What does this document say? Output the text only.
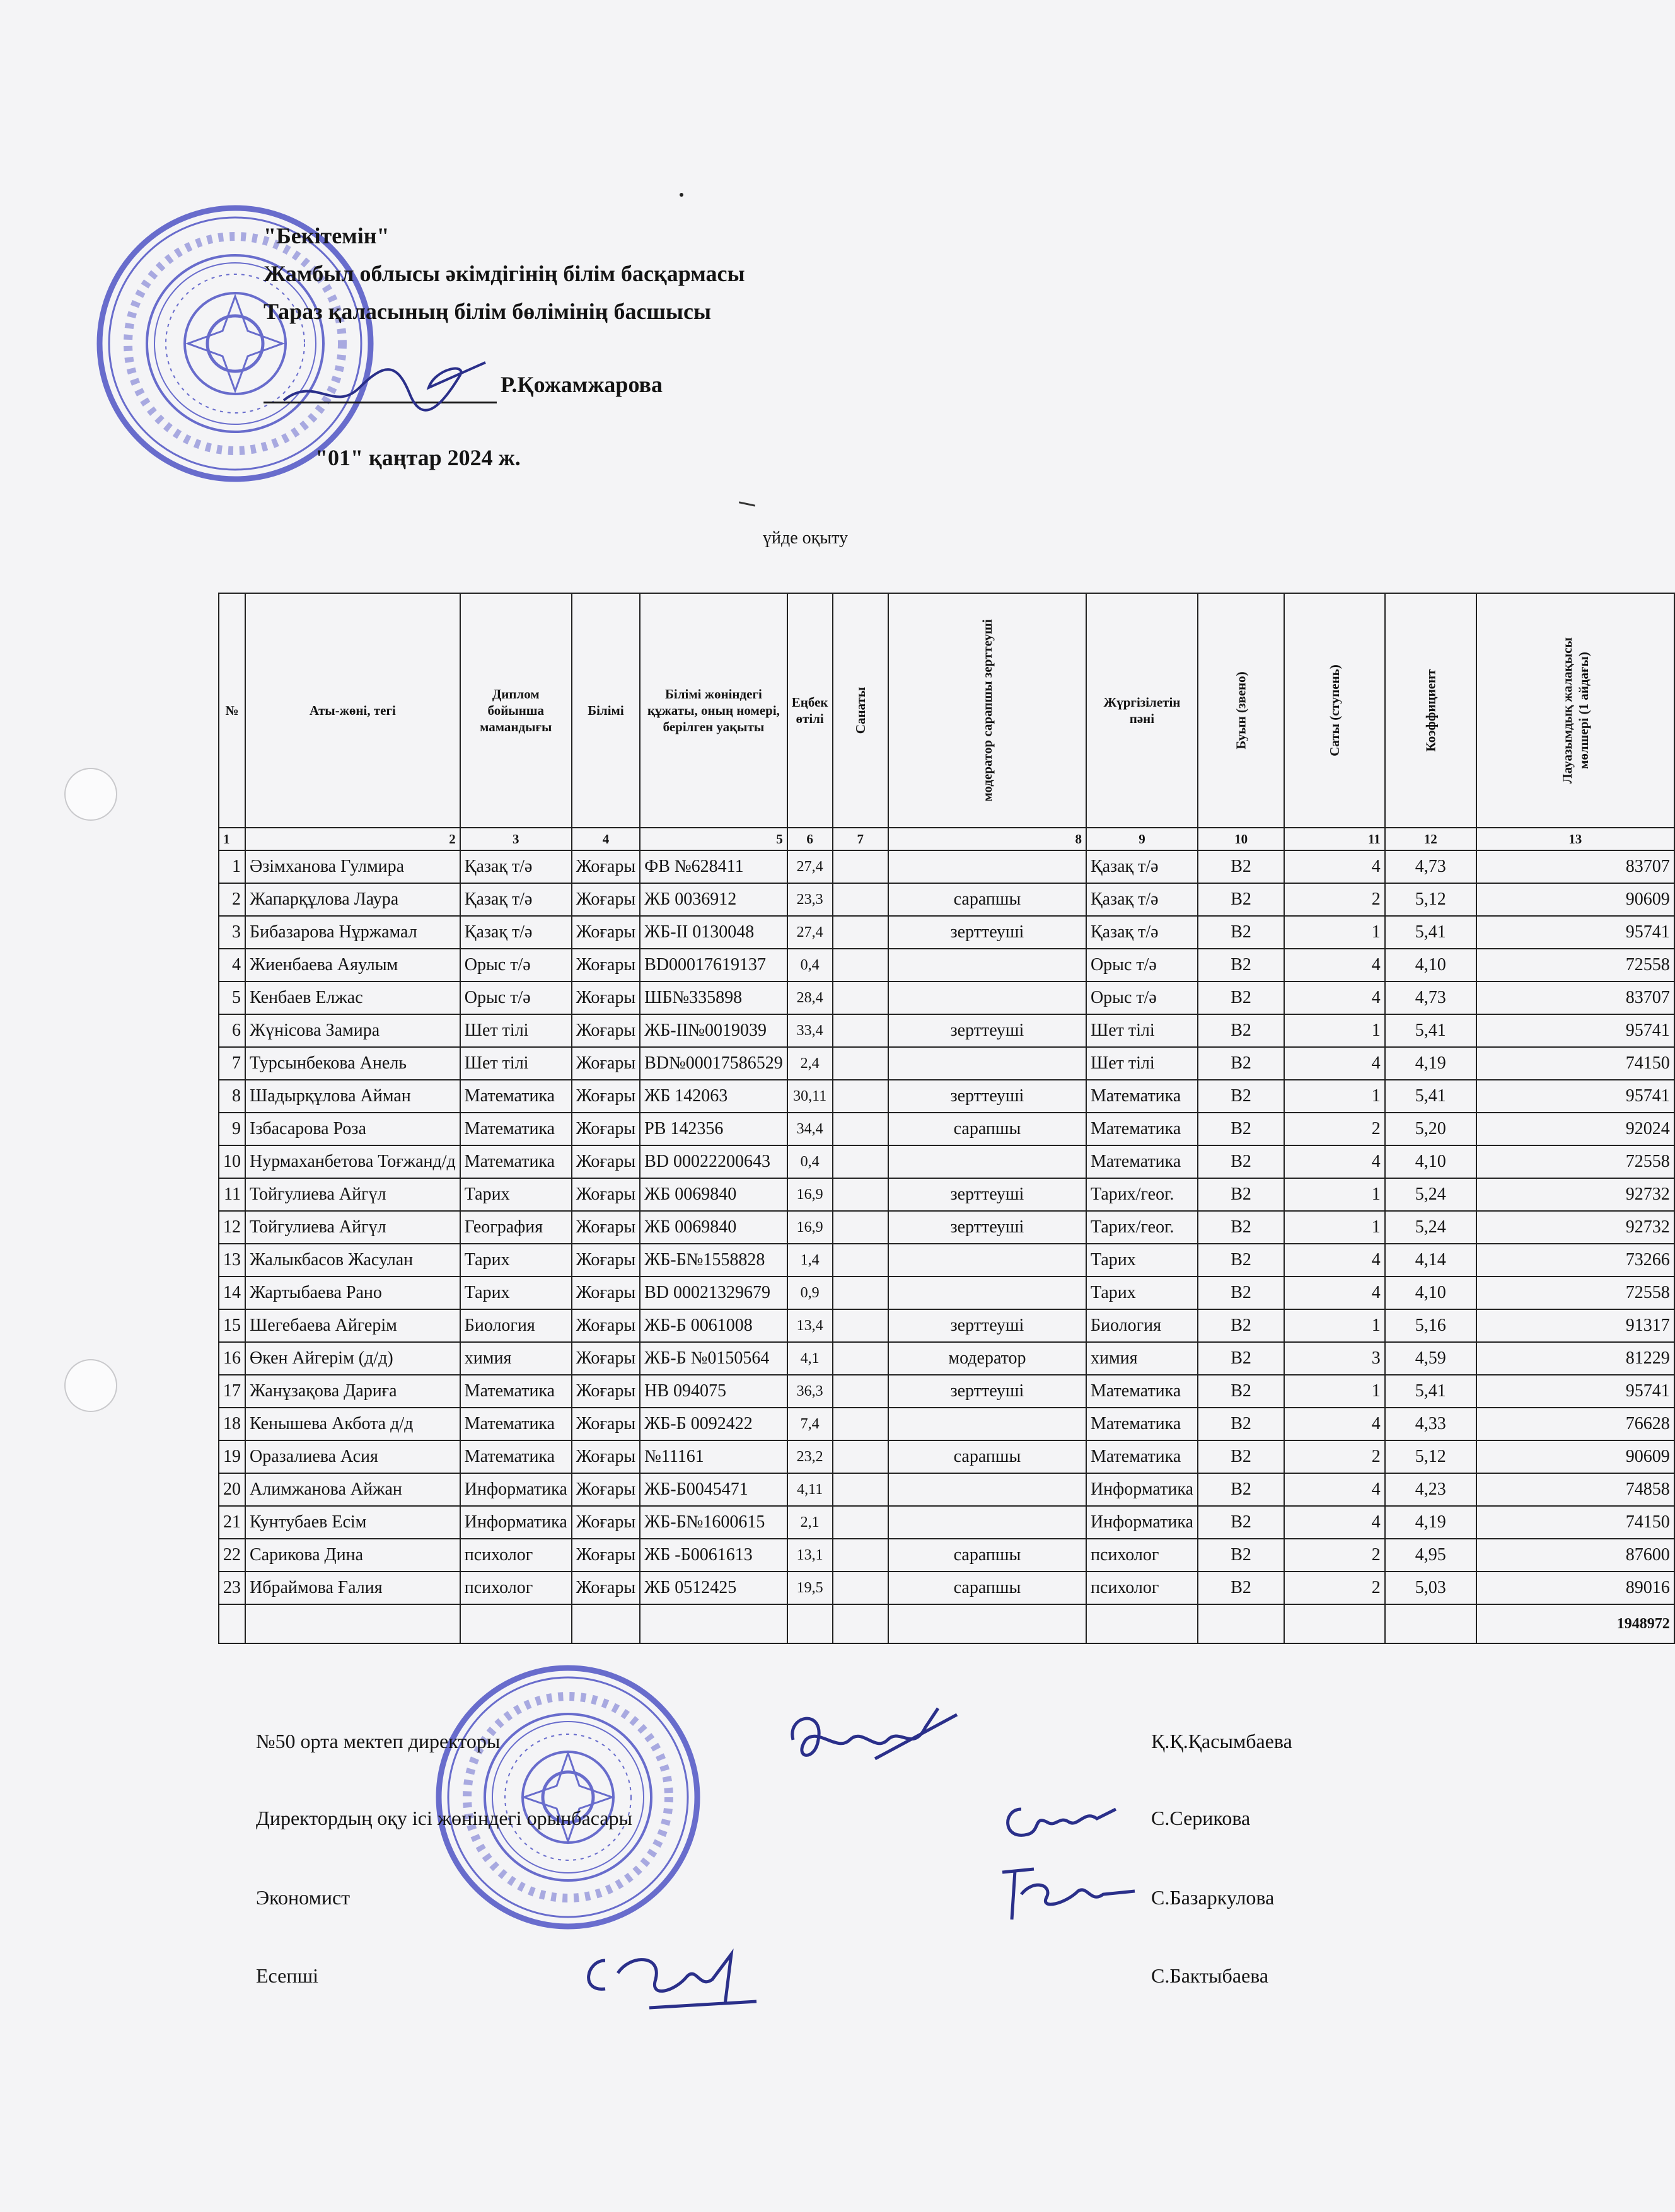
"Бекітемін"
Жамбыл облысы әкімдігінің білім басқармасы
Тараз қаласының білім бөлімінің басшысы
Р.Қожамжарова
"01" қаңтар 2024 ж.
үйде оқыту
№	Аты-жөні, тегі	Диплом бойынша мамандығы	Білімі	Білімі жөніндегі құжаты, оның номері, берілген уақыты	Еңбек өтілі	Санаты	модератор сарапшы зерттеуші	Жүргізілетін пәні	Буын (звено)	Саты (ступень)	Коэффициент	Лауазымдық жалақысы мөлшері (1 айдағы)
1	2	3	4	5	6	7	8	9	10	11	12	13
1	Әзімханова Гулмира	Қазақ т/ә	Жоғары	ФВ №628411	27,4			Қазақ т/ә	В2	4	4,73	83707
2	Жапарқұлова Лаура	Қазақ т/ә	Жоғары	ЖБ 0036912	23,3		сарапшы	Қазақ т/ә	В2	2	5,12	90609
3	Бибазарова Нұржамал	Қазақ т/ә	Жоғары	ЖБ-ІІ 0130048	27,4		зерттеуші	Қазақ т/ә	В2	1	5,41	95741
4	Жиенбаева Аяулым	Орыс т/ә	Жоғары	BD00017619137	0,4			Орыс т/ә	В2	4	4,10	72558
5	Кенбаев Елжас	Орыс т/ә	Жоғары	ШБ№335898	28,4			Орыс т/ә	В2	4	4,73	83707
6	Жүнісова Замира	Шет тілі	Жоғары	ЖБ-ІІ№0019039	33,4		зерттеуші	Шет тілі	В2	1	5,41	95741
7	Турсынбекова Анель	Шет тілі	Жоғары	BD№00017586529	2,4			Шет тілі	В2	4	4,19	74150
8	Шадырқұлова Айман	Математика	Жоғары	ЖБ 142063	30,11		зерттеуші	Математика	В2	1	5,41	95741
9	Ізбасарова Роза	Математика	Жоғары	РВ 142356	34,4		сарапшы	Математика	В2	2	5,20	92024
10	Нурмаханбетова Тоғжанд/д	Математика	Жоғары	BD 00022200643	0,4			Математика	В2	4	4,10	72558
11	Тойгулиева Айгүл	Тарих	Жоғары	ЖБ 0069840	16,9		зерттеуші	Тарих/геог.	В2	1	5,24	92732
12	Тойгулиева Айгүл	География	Жоғары	ЖБ 0069840	16,9		зерттеуші	Тарих/геог.	В2	1	5,24	92732
13	Жалыкбасов Жасулан	Тарих	Жоғары	ЖБ-Б№1558828	1,4			Тарих	В2	4	4,14	73266
14	Жартыбаева Рано	Тарих	Жоғары	BD 00021329679	0,9			Тарих	В2	4	4,10	72558
15	Шегебаева Айгерім	Биология	Жоғары	ЖБ-Б 0061008	13,4		зерттеуші	Биология	В2	1	5,16	91317
16	Өкен Айгерім (д/д)	химия	Жоғары	ЖБ-Б №0150564	4,1		модератор	химия	В2	3	4,59	81229
17	Жанұзақова Дариға	Математика	Жоғары	НВ 094075	36,3		зерттеуші	Математика	В2	1	5,41	95741
18	Кенышева Акбота д/д	Математика	Жоғары	ЖБ-Б 0092422	7,4			Математика	В2	4	4,33	76628
19	Оразалиева Асия	Математика	Жоғары	№11161	23,2		сарапшы	Математика	В2	2	5,12	90609
20	Алимжанова Айжан	Информатика	Жоғары	ЖБ-Б0045471	4,11			Информатика	В2	4	4,23	74858
21	Кунтубаев Есім	Информатика	Жоғары	ЖБ-Б№1600615	2,1			Информатика	В2	4	4,19	74150
22	Сарикова Дина	психолог	Жоғары	ЖБ -Б0061613	13,1		сарапшы	психолог	В2	2	4,95	87600
23	Ибраймова Ғалия	психолог	Жоғары	ЖБ 0512425	19,5		сарапшы	психолог	В2	2	5,03	89016
												1948972
№50 орта мектеп директоры	Қ.Қ.Қасымбаева
Директордың оқу ісі жөніндегі орынбасары	С.Серикова
Экономист	С.Базаркулова
Есепші	С.Бактыбаева
